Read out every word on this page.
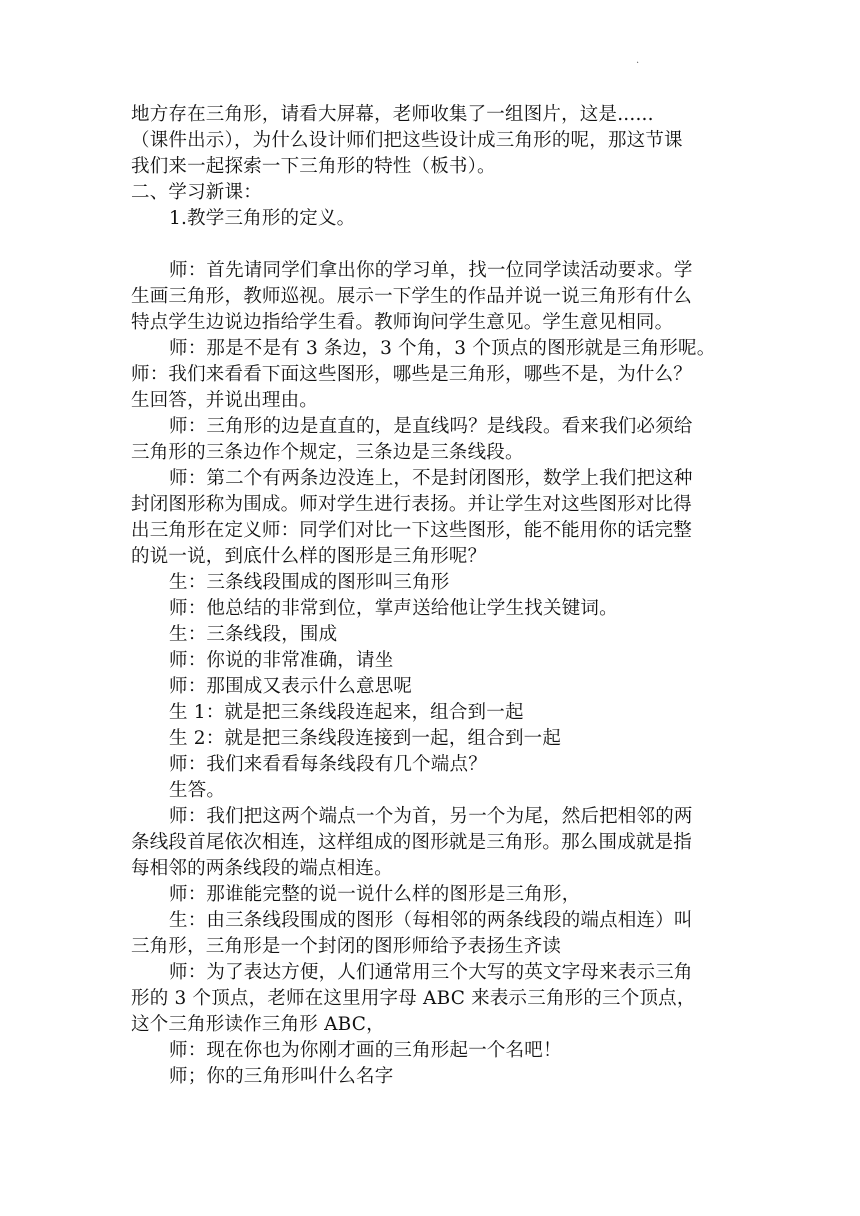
.
地方存在三角形，请看大屏幕，老师收集了一组图片，这是......
（课件出示），为什么设计师们把这些设计成三角形的呢，那这节课
我们来一起探索一下三角形的特性（板书）。
二、学习新课：
1.教学三角形的定义。
师：首先请同学们拿出你的学习单，找一位同学读活动要求。学
生画三角形，教师巡视。展示一下学生的作品并说一说三角形有什么
特点学生边说边指给学生看。教师询问学生意见。学生意见相同。
师：那是不是有 3 条边，3 个角，3 个顶点的图形就是三角形呢。
师：我们来看看下面这些图形，哪些是三角形，哪些不是，为什么？
生回答，并说出理由。
师：三角形的边是直直的，是直线吗？是线段。看来我们必须给
三角形的三条边作个规定，三条边是三条线段。
师：第二个有两条边没连上，不是封闭图形，数学上我们把这种
封闭图形称为围成。师对学生进行表扬。并让学生对这些图形对比得
出三角形在定义师：同学们对比一下这些图形，能不能用你的话完整
的说一说，到底什么样的图形是三角形呢？
生：三条线段围成的图形叫三角形
师：他总结的非常到位，掌声送给他让学生找关键词。
生：三条线段，围成
师：你说的非常准确，请坐
师：那围成又表示什么意思呢
生 1：就是把三条线段连起来，组合到一起
生 2：就是把三条线段连接到一起，组合到一起
师：我们来看看每条线段有几个端点？
生答。
师：我们把这两个端点一个为首，另一个为尾，然后把相邻的两
条线段首尾依次相连，这样组成的图形就是三角形。那么围成就是指
每相邻的两条线段的端点相连。
师：那谁能完整的说一说什么样的图形是三角形，
生：由三条线段围成的图形（每相邻的两条线段的端点相连）叫
三角形，三角形是一个封闭的图形师给予表扬生齐读
师：为了表达方便，人们通常用三个大写的英文字母来表示三角
形的 3 个顶点，老师在这里用字母 ABC 来表示三角形的三个顶点，
这个三角形读作三角形 ABC，
师：现在你也为你刚才画的三角形起一个名吧！
师；你的三角形叫什么名字
